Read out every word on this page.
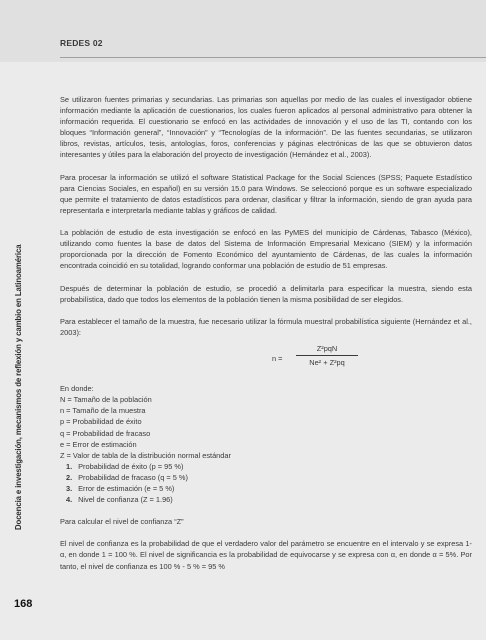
REDES 02
Docencia e investigación, mecanismos de reflexión y cambio en Latinoamérica
168

Se utilizaron fuentes primarias y secundarias. Las primarias son aquellas por medio de las cuales el investigador obtiene información mediante la aplicación de cuestionarios, los cuales fueron aplicados al personal administrativo para obtener la información requerida. El cuestionario se enfocó en las actividades de innovación y el uso de las TI, contando con los bloques “Información general”, “Innovación” y “Tecnologías de la información”. De las fuentes secundarias, se utilizaron libros, revistas, artículos, tesis, antologías, foros, conferencias y páginas electrónicas de las que se obtuvieron datos interesantes y útiles para la elaboración del proyecto de investigación (Hernández et al., 2003).

Para procesar la información se utilizó el software Statistical Package for the Social Sciences (SPSS; Paquete Estadístico para Ciencias Sociales, en español) en su versión 15.0 para Windows. Se seleccionó porque es un software especializado que permite el tratamiento de datos estadísticos para ordenar, clasificar y filtrar la información, siendo de gran ayuda para representarla e interpretarla mediante tablas y gráficos de calidad.

La población de estudio de esta investigación se enfocó en las PyMES del municipio de Cárdenas, Tabasco (México), utilizando como fuentes la base de datos del Sistema de Información Empresarial Mexicano (SIEM) y la información proporcionada por la dirección de Fomento Económico del ayuntamiento de Cárdenas, de las cuales la información encontrada coincidió en su totalidad, logrando conformar una población de estudio de 51 empresas.

Después de determinar la población de estudio, se procedió a delimitarla para especificar la muestra, siendo esta probabilística, dado que todos los elementos de la población tienen la misma posibilidad de ser elegidos.

Para establecer el tamaño de la muestra, fue necesario utilizar la fórmula muestral probabilística siguiente (Hernández et al., 2003):

n =
Z²pqN
Ne² + Z²pq
En donde:
N = Tamaño de la población
n = Tamaño de la muestra
p = Probabilidad de éxito
q = Probabilidad de fracaso
e = Error de estimación
Z = Valor de tabla de la distribución normal estándar
1. Probabilidad de éxito (p = 95 %)
2. Probabilidad de fracaso (q = 5 %)
3. Error de estimación (e = 5 %)
4. Nivel de confianza (Z = 1.96)

Para calcular el nivel de confianza “Z”

El nivel de confianza es la probabilidad de que el verdadero valor del parámetro se encuentre en el intervalo y se expresa 1-α, en donde 1 = 100 %. El nivel de significancia es la probabilidad de equivocarse y se expresa con α, en donde α = 5%. Por tanto, el nivel de confianza es 100 % - 5 % = 95 %
